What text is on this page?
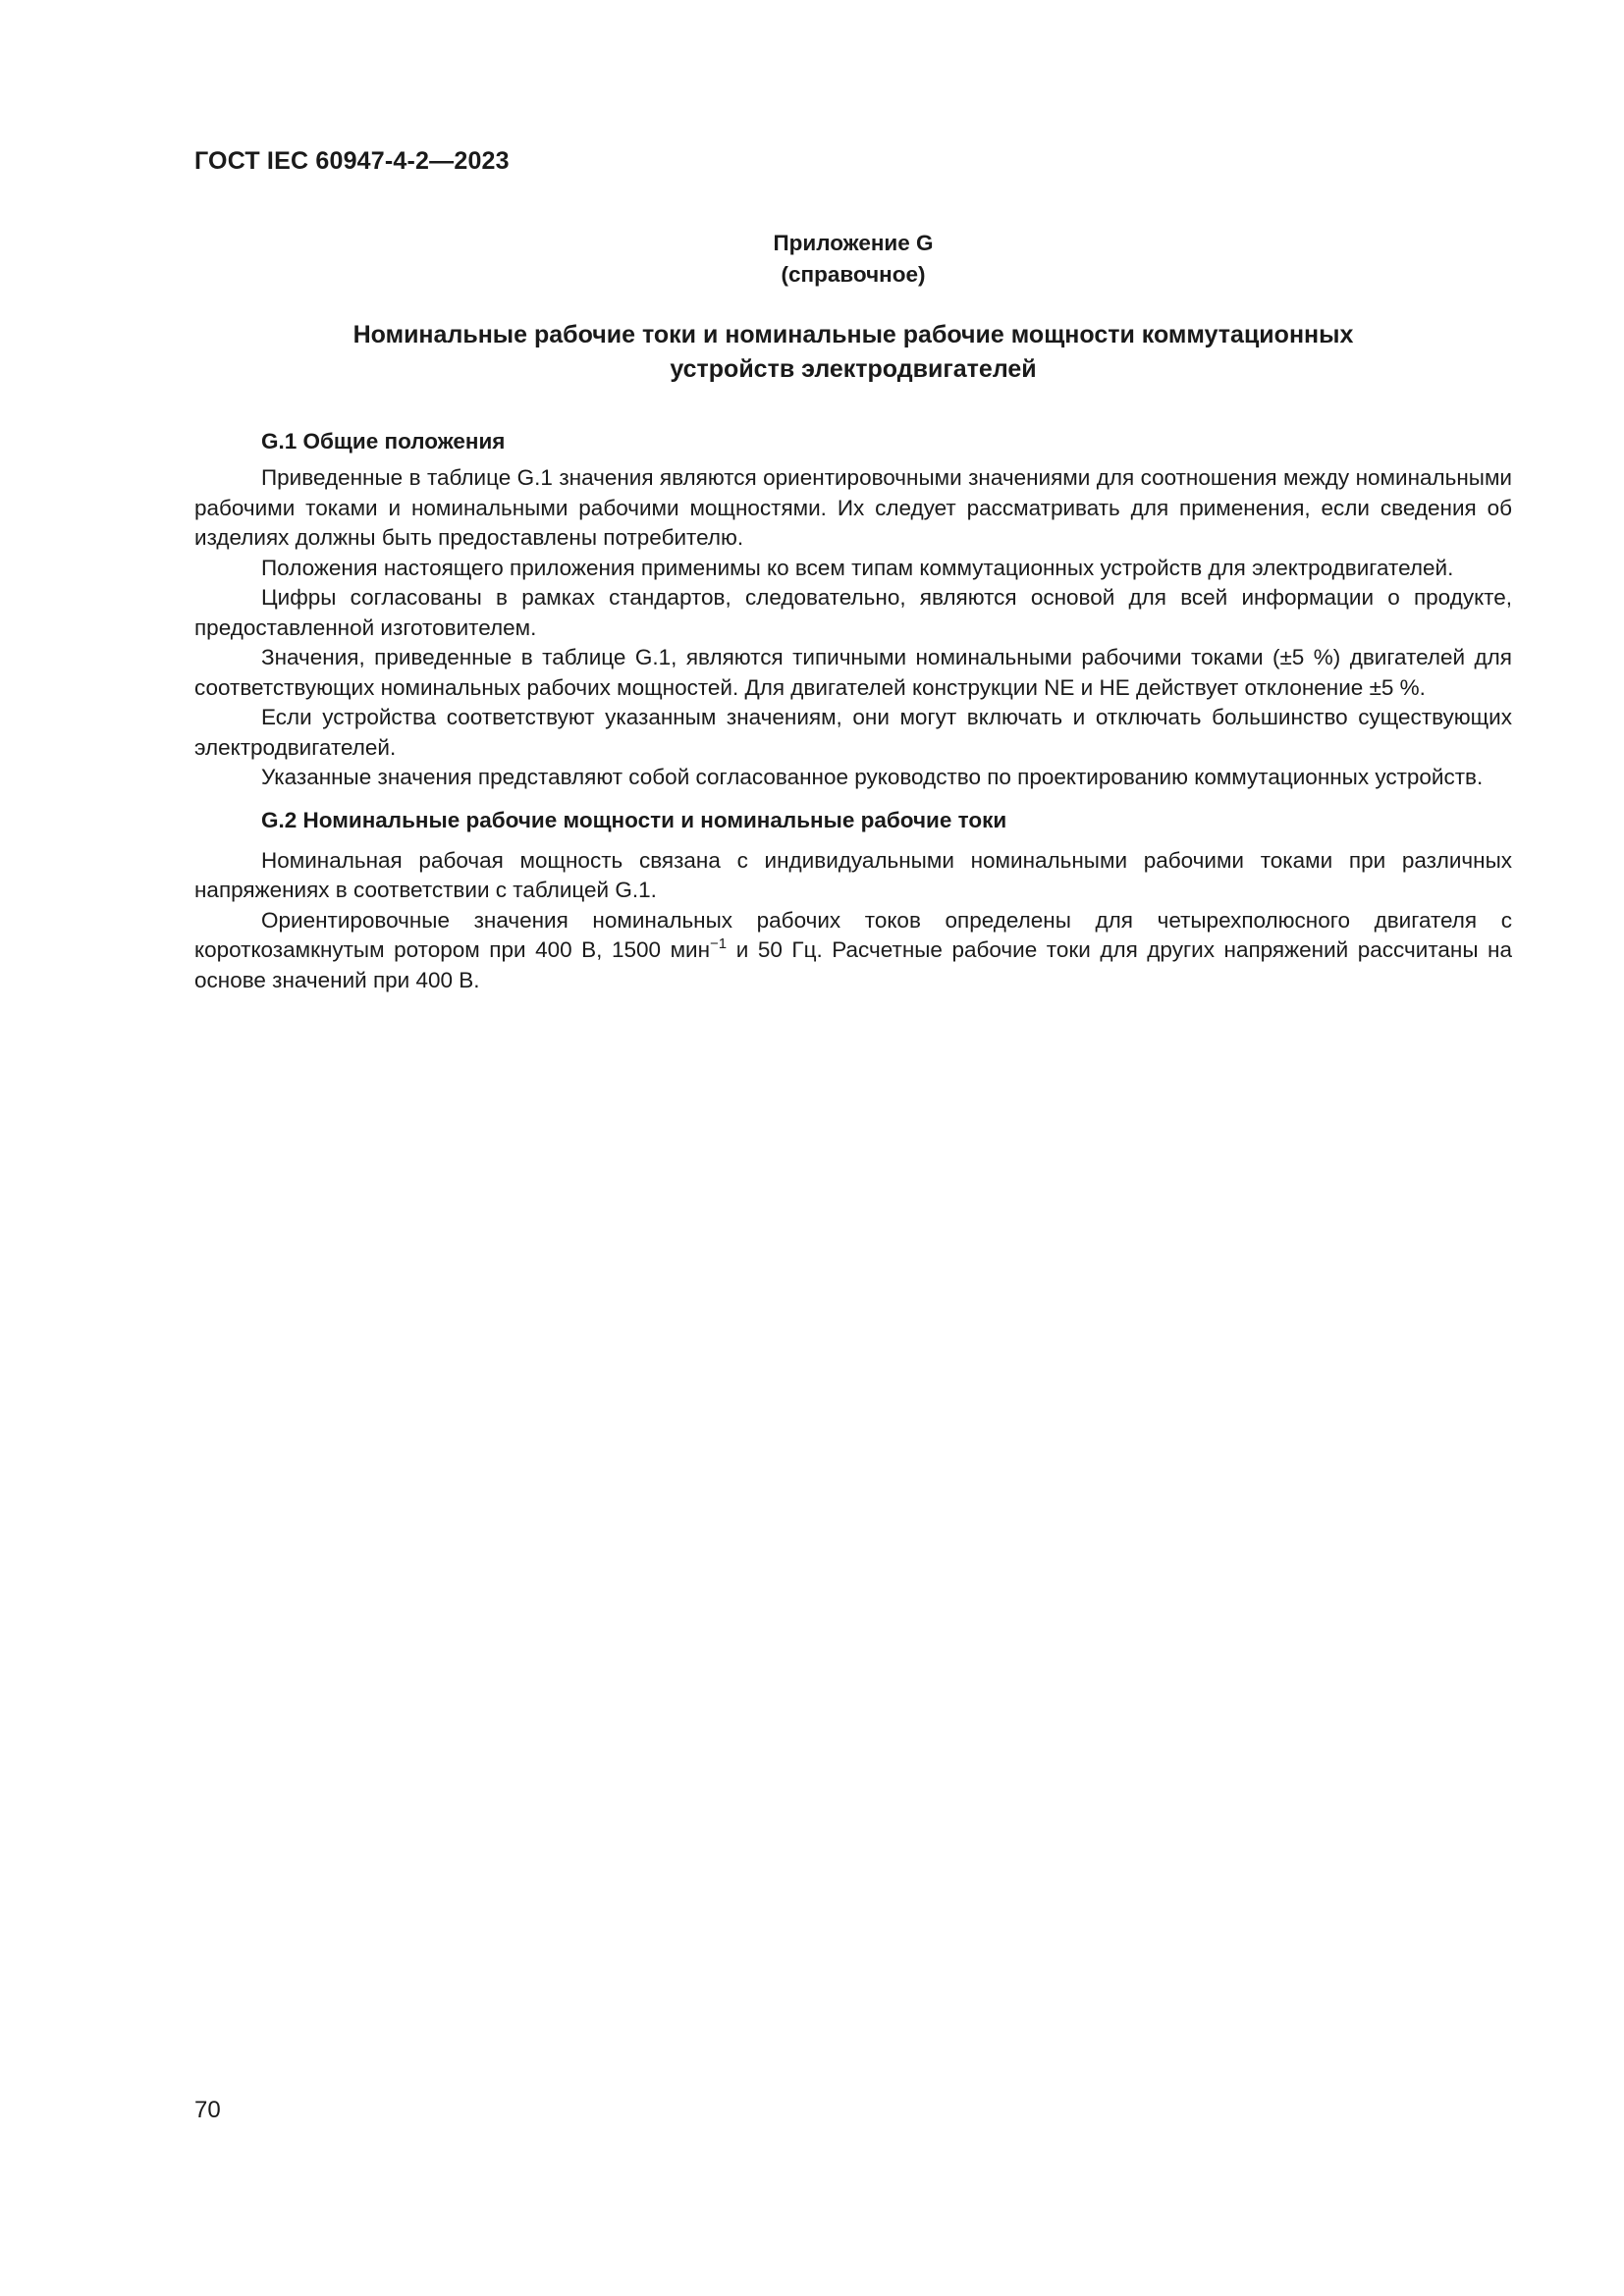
ГОСТ IEC 60947-4-2—2023
Приложение G
(справочное)
Номинальные рабочие токи и номинальные рабочие мощности коммутационных
устройств электродвигателей
G.1 Общие положения

Приведенные в таблице G.1 значения являются ориентировочными значениями для соотношения между номинальными рабочими токами и номинальными рабочими мощностями. Их следует рассматривать для применения, если сведения об изделиях должны быть предоставлены потребителю.

Положения настоящего приложения применимы ко всем типам коммутационных устройств для электродвигателей.

Цифры согласованы в рамках стандартов, следовательно, являются основой для всей информации о продукте, предоставленной изготовителем.

Значения, приведенные в таблице G.1, являются типичными номинальными рабочими токами (±5 %) двигателей для соответствующих номинальных рабочих мощностей. Для двигателей конструкции NE и HE действует отклонение ±5 %.

Если устройства соответствуют указанным значениям, они могут включать и отключать большинство существующих электродвигателей.

Указанные значения представляют собой согласованное руководство по проектированию коммутационных устройств.

G.2 Номинальные рабочие мощности и номинальные рабочие токи

Номинальная рабочая мощность связана с индивидуальными номинальными рабочими токами при различных напряжениях в соответствии с таблицей G.1.

Ориентировочные значения номинальных рабочих токов определены для четырехполюсного двигателя с короткозамкнутым ротором при 400 В, 1500 мин$^{-1}$ и 50 Гц. Расчетные рабочие токи для других напряжений рассчитаны на основе значений при 400 В.

70
